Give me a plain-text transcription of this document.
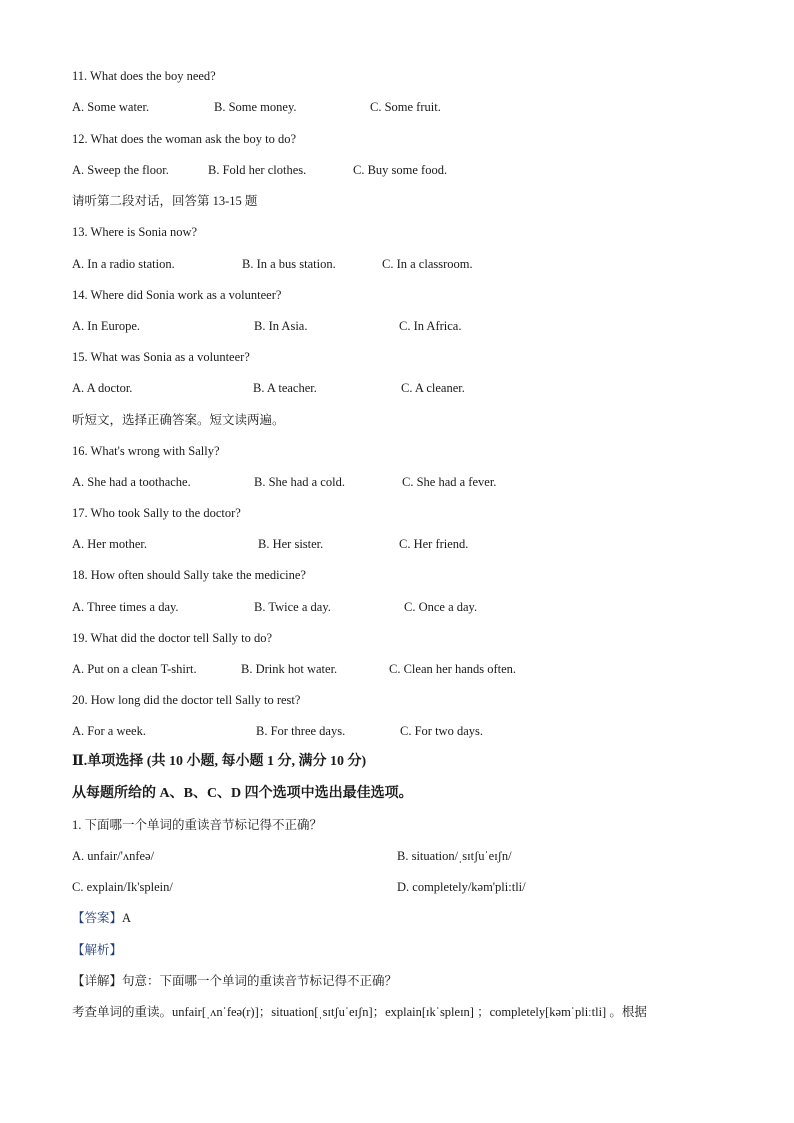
11. What does the boy need?
A. Some water.	B. Some money.	C. Some fruit.
12. What does the woman ask the boy to do?
A. Sweep the floor.	B. Fold her clothes.	C. Buy some food.
请听第二段对话，回答第 13-15 题
13. Where is Sonia now?
A. In a radio station.	B. In a bus station.	C. In a classroom.
14. Where did Sonia work as a volunteer?
A. In Europe.	B. In Asia.	C. In Africa.
15. What was Sonia as a volunteer?
A. A doctor.	B. A teacher.	C. A cleaner.
听短文，选择正确答案。短文读两遍。
16. What's wrong with Sally?
A. She had a toothache.	B. She had a cold.	C. She had a fever.
17. Who took Sally to the doctor?
A. Her mother.	B. Her sister.	C. Her friend.
18. How often should Sally take the medicine?
A. Three times a day.	B. Twice a day.	C. Once a day.
19. What did the doctor tell Sally to do?
A. Put on a clean T-shirt.	B. Drink hot water.	C. Clean her hands often.
20. How long did the doctor tell Sally to rest?
A. For a week.	B. For three days.	C. For two days.
Ⅱ.单项选择 (共 10 小题, 每小题 1 分, 满分 10 分)
从每题所给的 A、B、C、D 四个选项中选出最佳选项。
1. 下面哪一个单词的重读音节标记得不正确？
A. unfair/'ʌnfeə/	B. situation/ˌsɪtʃuˈeɪʃn/
C. explain/Ik'splein/	D. completely/kəm'pli:tli/
【答案】A
【解析】
【详解】句意：下面哪一个单词的重读音节标记得不正确？
考查单词的重读。unfair[ˌʌnˈfeə(r)]；situation[ˌsɪtʃuˈeɪʃn]；explain[ɪkˈspleɪn] ；completely[kəmˈpliːtli] 。根据
